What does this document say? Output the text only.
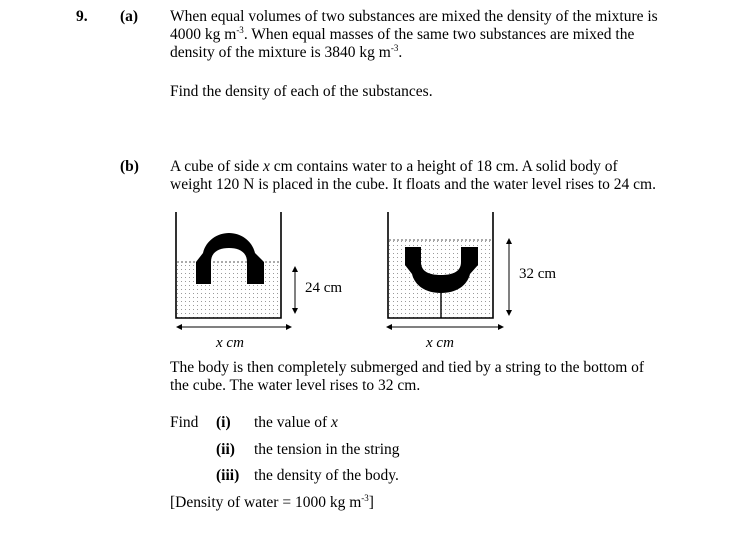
9. (a) When equal volumes of two substances are mixed the density of the mixture is
4000 kg $m^{-3}$. When equal masses of the same two substances are mixed the
density of the mixture is 3840 kg $m^{-3}$.
Find the density of each of the substances.
(b) A cube of side x cm contains water to a height of 18 cm. A solid body of
weight 120 N is placed in the cube. It floats and the water level rises to 24 cm.
24 cm
x cm
32 cm
x cm
The body is then completely submerged and tied by a string to the bottom of
the cube. The water level rises to 32 cm.
Find (i) the value of x
(ii) the tension in the string
(iii) the density of the body.
[Density of water = 1000 kg $m^{-3}$]
